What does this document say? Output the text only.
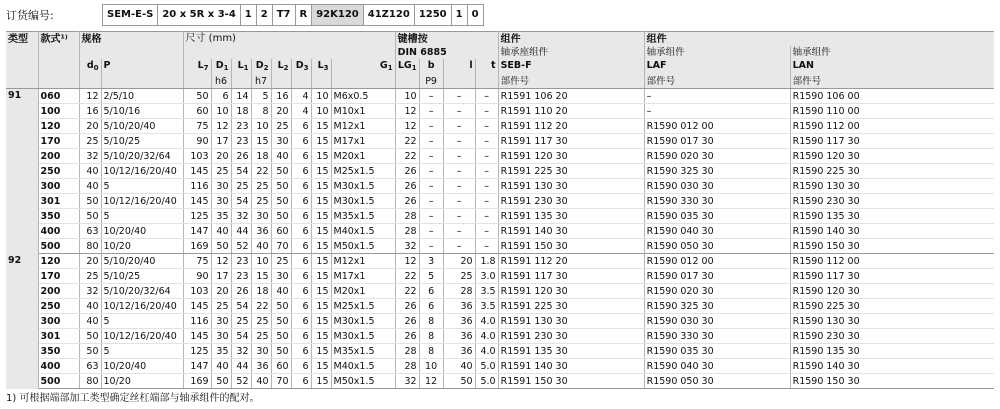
订货编号:	SEM-E-S 20 x 5R x 3-4 1 2 T7 R 92K120 41Z120 1250 1 0
类型	款式¹⁾	规格		尺寸 (mm)								键槽按				组件	组件	
												DIN 6885				轴承座组件	轴承组件	轴承组件
		$d_0$	P	$L_7$	$D_1$	$L_1$	$D_2$	$L_2$	$D_3$	$L_3$	$G_1$	$LG_1$	b	l	t	SEB-F	LAF	LAN
					h6		h7						P9			部件号	部件号	部件号
91	060	12	2/5/10	50	6	14	5	16	4	10	M6x0.5	10	–	–	–	R1591 106 20	–	R1590 106 00
	100	16	5/10/16	60	10	18	8	20	4	10	M10x1	12	–	–	–	R1591 110 20	–	R1590 110 00
	120	20	5/10/20/40	75	12	23	10	25	6	15	M12x1	12	–	–	–	R1591 112 20	R1590 012 00	R1590 112 00
	170	25	5/10/25	90	17	23	15	30	6	15	M17x1	22	–	–	–	R1591 117 30	R1590 017 30	R1590 117 30
	200	32	5/10/20/32/64	103	20	26	18	40	6	15	M20x1	22	–	–	–	R1591 120 30	R1590 020 30	R1590 120 30
	250	40	10/12/16/20/40	145	25	54	22	50	6	15	M25x1.5	26	–	–	–	R1591 225 30	R1590 325 30	R1590 225 30
	300	40	5	116	30	25	25	50	6	15	M30x1.5	26	–	–	–	R1591 130 30	R1590 030 30	R1590 130 30
	301	50	10/12/16/20/40	145	30	54	25	50	6	15	M30x1.5	26	–	–	–	R1591 230 30	R1590 330 30	R1590 230 30
	350	50	5	125	35	32	30	50	6	15	M35x1.5	28	–	–	–	R1591 135 30	R1590 035 30	R1590 135 30
	400	63	10/20/40	147	40	44	36	60	6	15	M40x1.5	28	–	–	–	R1591 140 30	R1590 040 30	R1590 140 30
	500	80	10/20	169	50	52	40	70	6	15	M50x1.5	32	–	–	–	R1591 150 30	R1590 050 30	R1590 150 30
92	120	20	5/10/20/40	75	12	23	10	25	6	15	M12x1	12	3	20	1.8	R1591 112 20	R1590 012 00	R1590 112 00
	170	25	5/10/25	90	17	23	15	30	6	15	M17x1	22	5	25	3.0	R1591 117 30	R1590 017 30	R1590 117 30
	200	32	5/10/20/32/64	103	20	26	18	40	6	15	M20x1	22	6	28	3.5	R1591 120 30	R1590 020 30	R1590 120 30
	250	40	10/12/16/20/40	145	25	54	22	50	6	15	M25x1.5	26	6	36	3.5	R1591 225 30	R1590 325 30	R1590 225 30
	300	40	5	116	30	25	25	50	6	15	M30x1.5	26	8	36	4.0	R1591 130 30	R1590 030 30	R1590 130 30
	301	50	10/12/16/20/40	145	30	54	25	50	6	15	M30x1.5	26	8	36	4.0	R1591 230 30	R1590 330 30	R1590 230 30
	350	50	5	125	35	32	30	50	6	15	M35x1.5	28	8	36	4.0	R1591 135 30	R1590 035 30	R1590 135 30
	400	63	10/20/40	147	40	44	36	60	6	15	M40x1.5	28	10	40	5.0	R1591 140 30	R1590 040 30	R1590 140 30
	500	80	10/20	169	50	52	40	70	6	15	M50x1.5	32	12	50	5.0	R1591 150 30	R1590 050 30	R1590 150 30
1) 可根据端部加工类型确定丝杠端部与轴承组件的配对。
